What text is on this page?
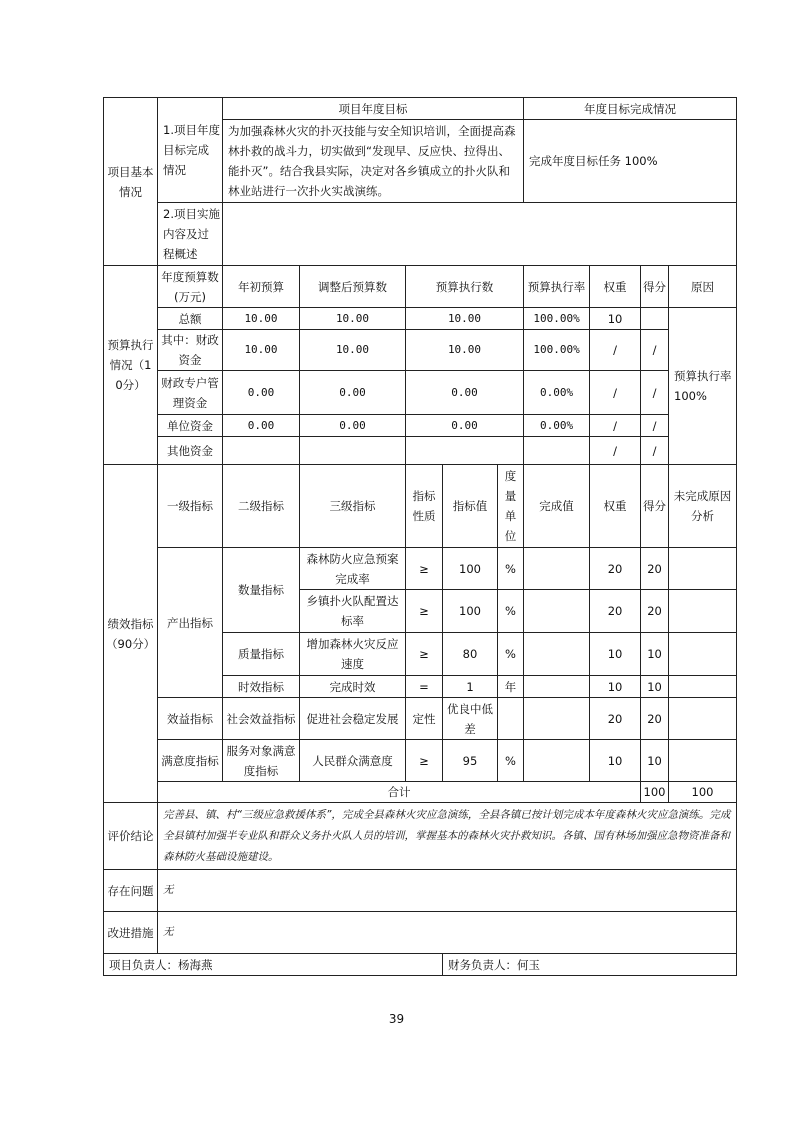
项目基本情况	1.项目年度目标完成情况	项目年度目标					年度目标完成情况				
		为加强森林火灾的扑灭技能与安全知识培训，全面提高森林扑救的战斗力，切实做到“发现早、反应快、拉得出、能扑灭”。结合我县实际，决定对各乡镇成立的扑火队和林业站进行一次扑火实战演练。					完成年度目标任务 100%				
	2.项目实施内容及过程概述										
预算执行情况（10分）	年度预算数(万元)	年初预算	调整后预算数	预算执行数			预算执行率	权重	得分	原因	
	总额	10.00	10.00	10.00			100.00%	10		预算执行率 100%	
	其中：财政资金	10.00	10.00	10.00			100.00%	/	/		
	财政专户管理资金	0.00	0.00	0.00			0.00%	/	/		
	单位资金	0.00	0.00	0.00			0.00%	/	/		
	其他资金							/	/		
绩效指标（90分）	一级指标	二级指标	三级指标	指标性质	指标值	度量单位	完成值	权重	得分	未完成原因分析	
	产出指标	数量指标	森林防火应急预案完成率	≥	100	%		20	20		
			乡镇扑火队配置达标率	≥	100	%		20	20		
		质量指标	增加森林火灾反应速度	≥	80	%		10	10		
		时效指标	完成时效	=	1	年		10	10		
	效益指标	社会效益指标	促进社会稳定发展	定性	优良中低差			20	20		
	满意度指标	服务对象满意度指标	人民群众满意度	≥	95	%		10	10		
	合计								100	100	
评价结论	完善县、镇、村“三级应急救援体系”，完成全县森林火灾应急演练，全县各镇已按计划完成本年度森林火灾应急演练。完成全县镇村加强半专业队和群众义务扑火队人员的培训，掌握基本的森林火灾扑救知识。各镇、国有林场加强应急物资准备和森林防火基础设施建设。										
存在问题	无										
改进措施	无										
项目负责人：杨海燕					财务负责人：何玉						
39
